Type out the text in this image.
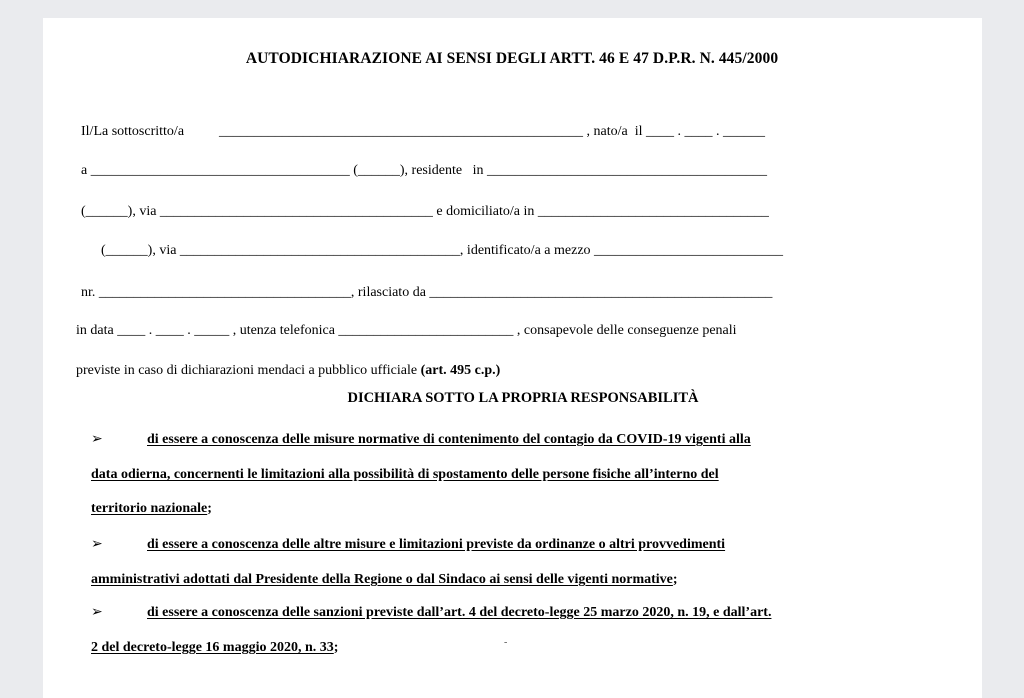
AUTODICHIARAZIONE AI SENSI DEGLI ARTT. 46 E 47 D.P.R. N. 445/2000
Il/La sottoscritto/a          ____________________________________________________ , nato/a  il ____ . ____ . ______
a _____________________________________ (______), residente   in ________________________________________
(______), via _______________________________________ e domiciliato/a in _________________________________
(______), via ________________________________________, identificato/a a mezzo ___________________________
nr. ____________________________________, rilasciato da _________________________________________________
in data ____ . ____ . _____ , utenza telefonica _________________________ , consapevole delle conseguenze penali
previste in caso di dichiarazioni mendaci a pubblico ufficiale (art. 495 c.p.)
DICHIARA SOTTO LA PROPRIA RESPONSABILITÀ
➢	di essere a conoscenza delle misure normative di contenimento del contagio da COVID-19 vigenti alla
data odierna, concernenti le limitazioni alla possibilità di spostamento delle persone fisiche all’interno del
territorio nazionale;
➢	di essere a conoscenza delle altre misure e limitazioni previste da ordinanze o altri provvedimenti
amministrativi adottati dal Presidente della Regione o dal Sindaco ai sensi delle vigenti normative;
➢	di essere a conoscenza delle sanzioni previste dall’art. 4 del decreto-legge 25 marzo 2020, n. 19, e dall’art.
2 del decreto-legge 16 maggio 2020, n. 33;	-
